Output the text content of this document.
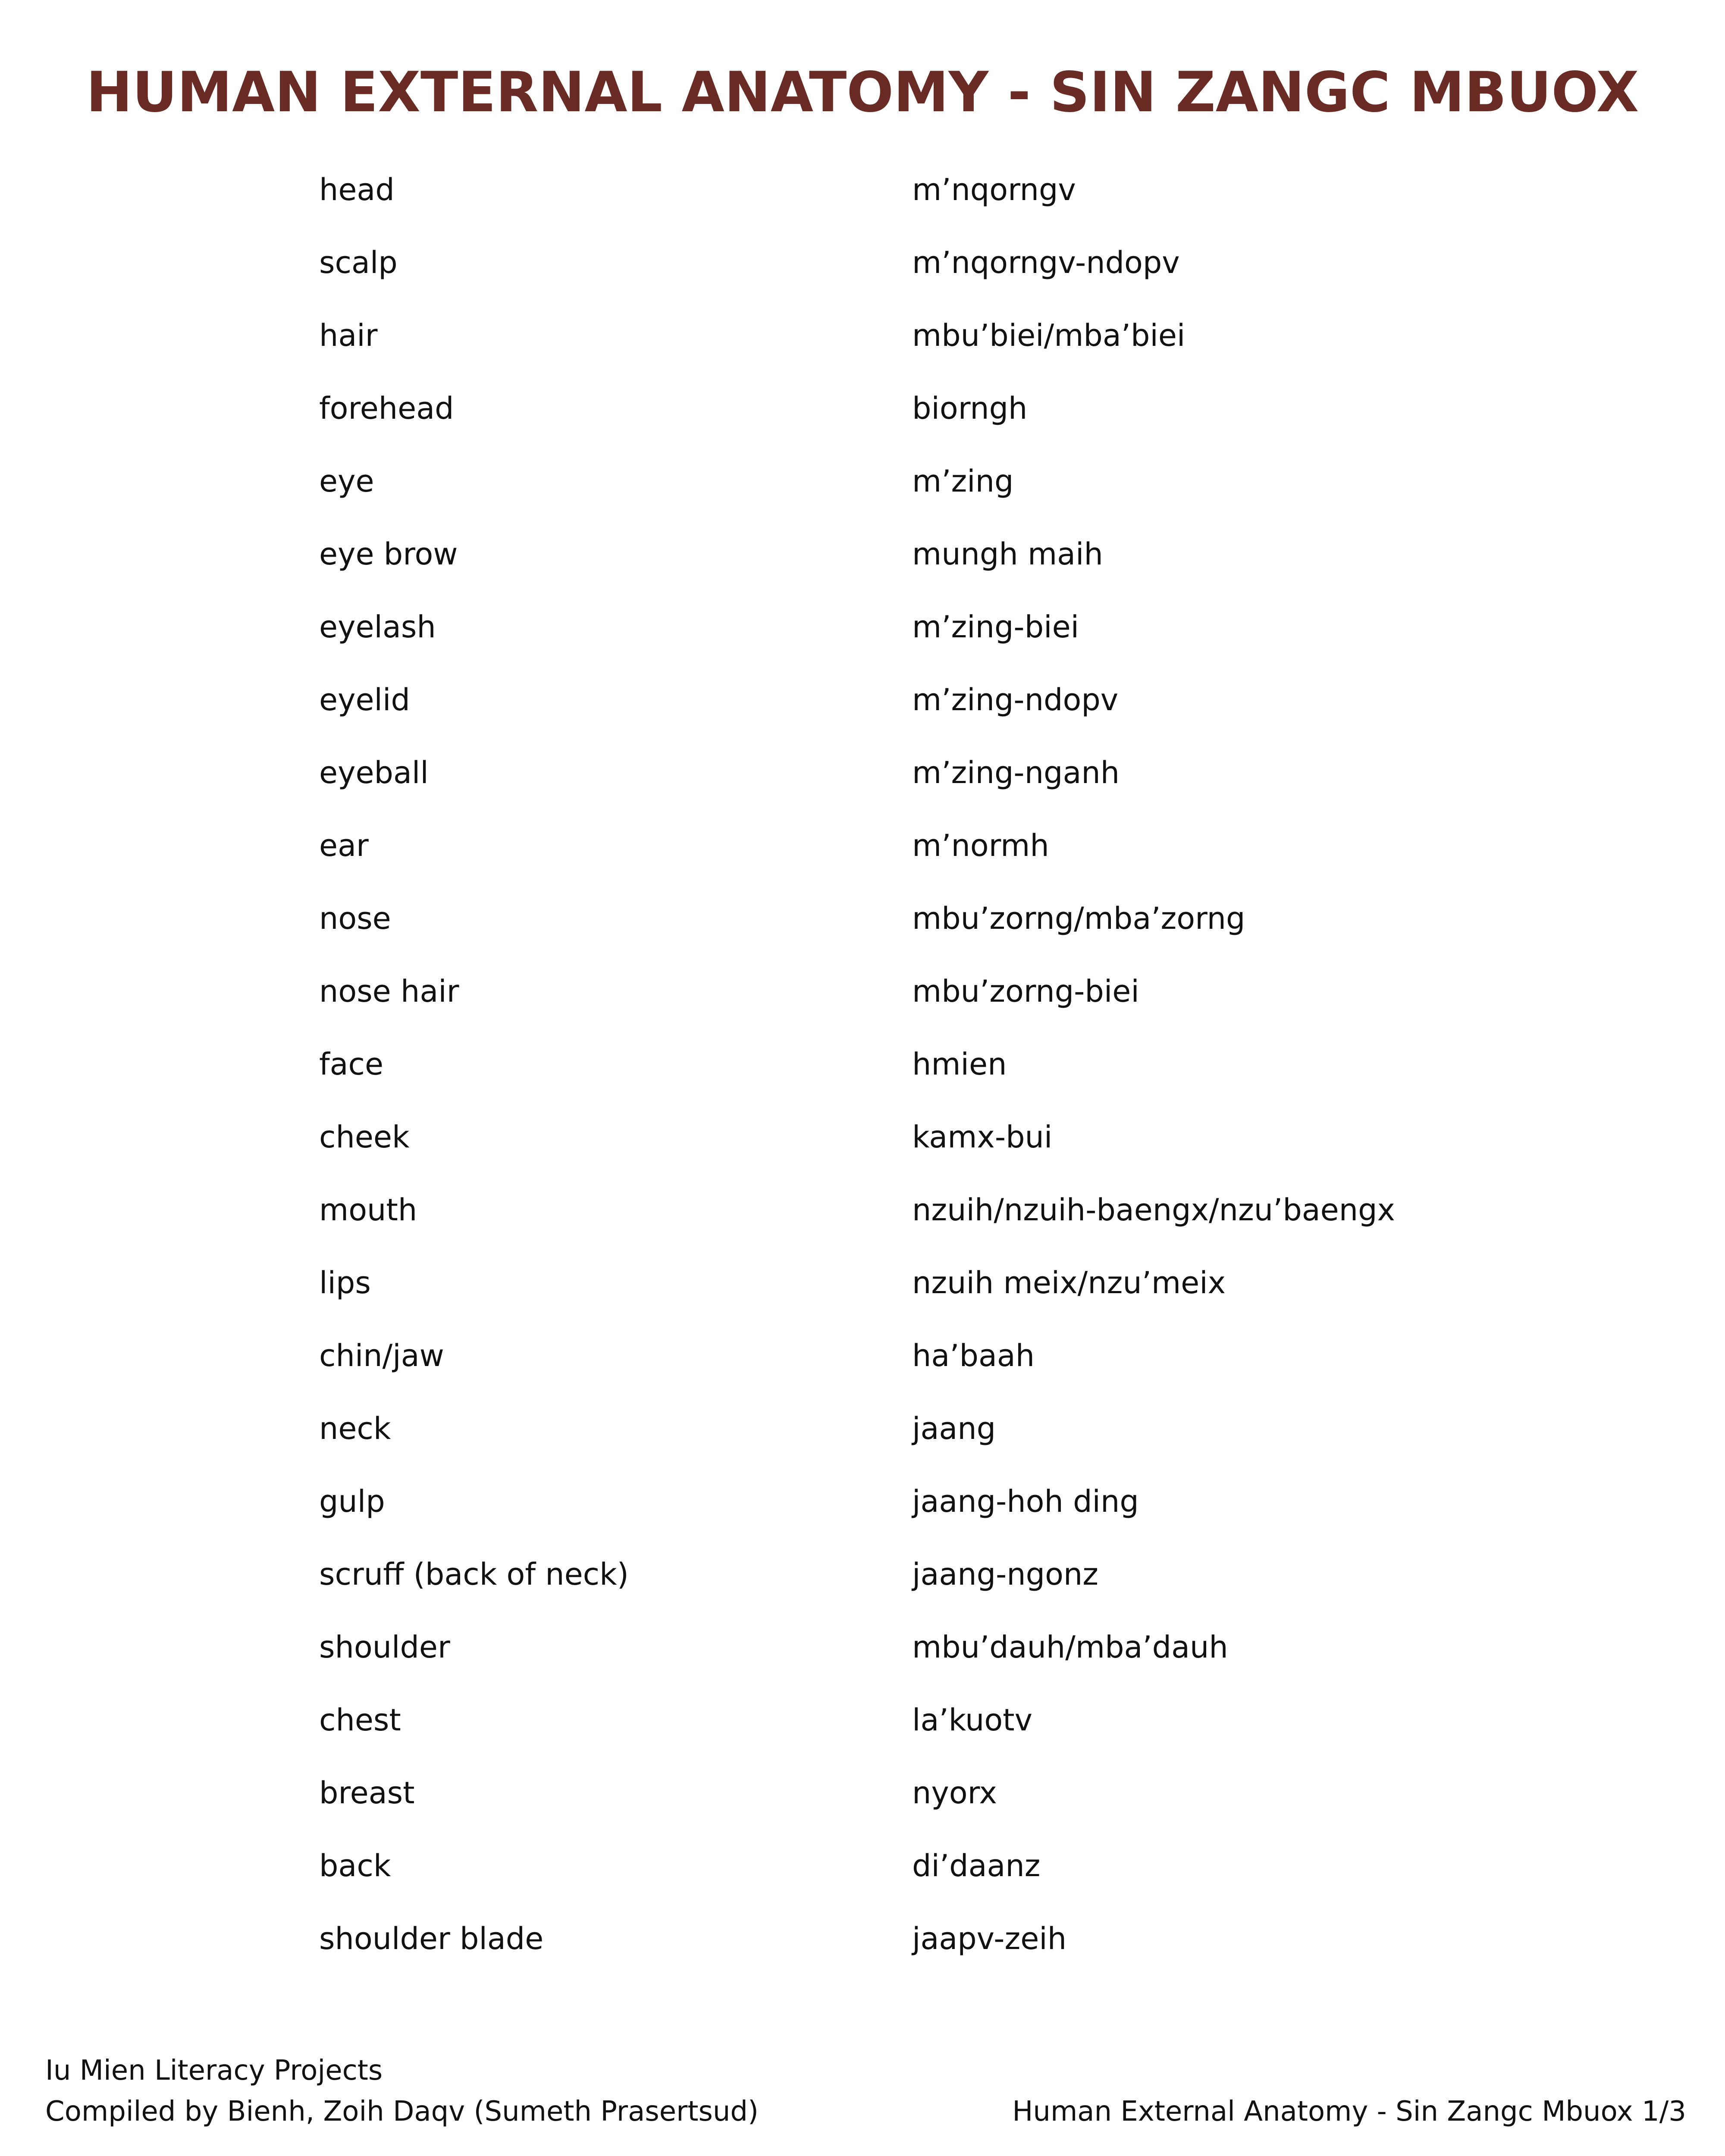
HUMAN EXTERNAL ANATOMY - SIN ZANGC MBUOX
head	m’nqorngv
scalp	m’nqorngv-ndopv
hair	mbu’biei/mba’biei
forehead	biorngh
eye	m’zing
eye brow	mungh maih
eyelash	m’zing-biei
eyelid	m’zing-ndopv
eyeball	m’zing-nganh
ear	m’normh
nose	mbu’zorng/mba’zorng
nose hair	mbu’zorng-biei
face	hmien
cheek	kamx-bui
mouth	nzuih/nzuih-baengx/nzu’baengx
lips	nzuih meix/nzu’meix
chin/jaw	ha’baah
neck	jaang
gulp	jaang-hoh ding
scruff (back of neck)	jaang-ngonz
shoulder	mbu’dauh/mba’dauh
chest	la’kuotv
breast	nyorx
back	di’daanz
shoulder blade	jaapv-zeih
Iu Mien Literacy Projects
Compiled by Bienh, Zoih Daqv (Sumeth Prasertsud)	Human External Anatomy - Sin Zangc Mbuox 1/3
